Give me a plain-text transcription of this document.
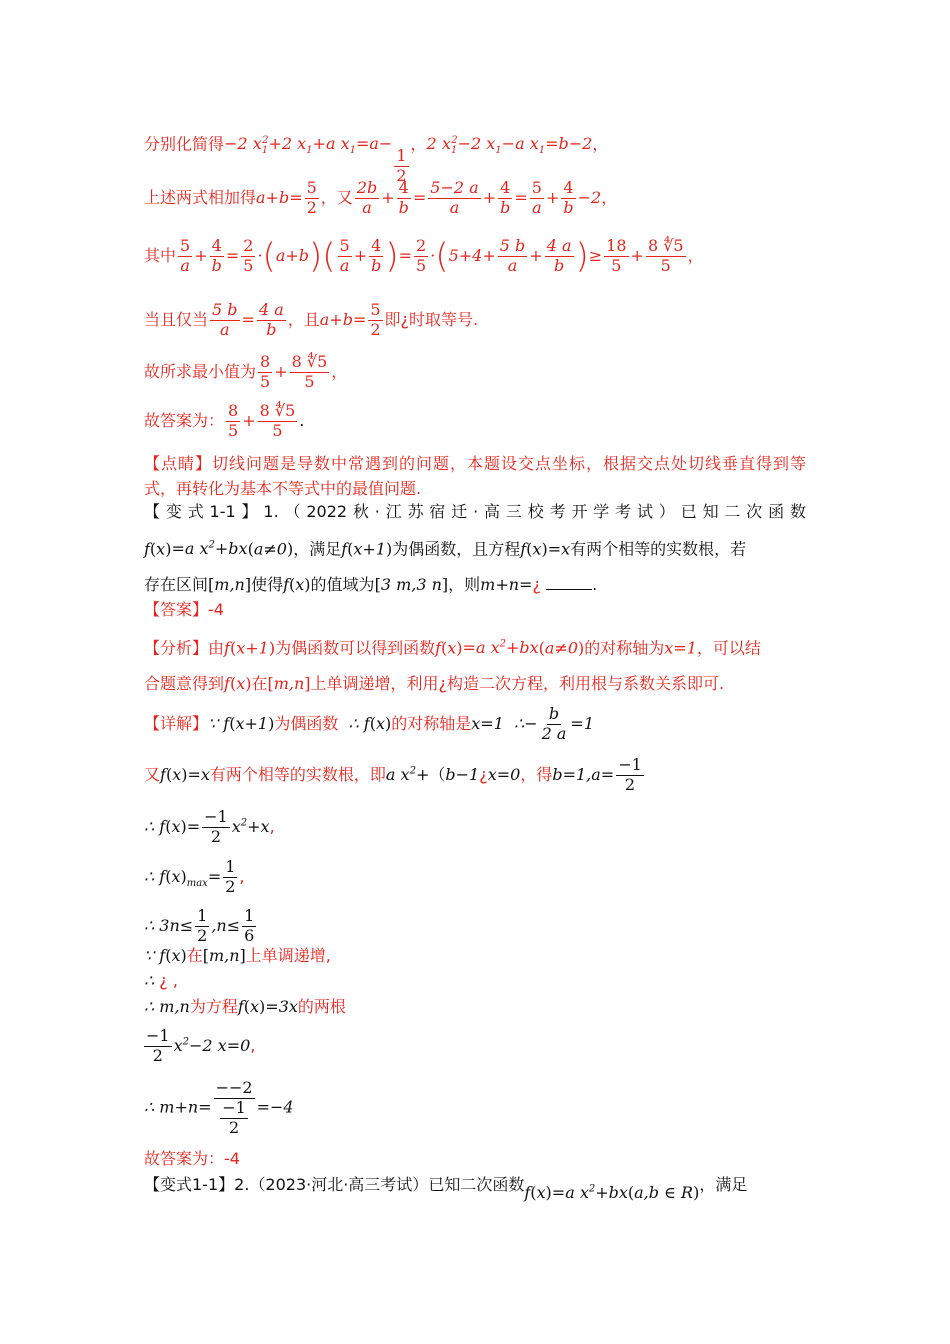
分别化简得−2 $x_1^2+2$ $x_1+a$ $x_1=a-$
$\frac{1}{2}$
，2 $x_1^2-2$ $x_1-a$ $x_1=b-2$，
上述两式相加得$a+b= \frac{5}{2}$ ，又 $\frac{2b}{a} + \frac{4}{b} = \frac{5-2 a}{a} + \frac{4}{b} = \frac{5}{a} + \frac{4}{b} -2$，
其中 $\frac{5}{a} + \frac{4}{b} = \frac{2}{5} \cdot(a+b)( \frac{5}{a} + \frac{4}{b}$ )= $\frac{2}{5} \cdot(5+4+ \frac{5 b}{a} + \frac{4 a}{b}$ )≥ $\frac{18}{5} + \frac{8 ∜5}{5}$ ，
当且仅当 $\frac{5 b}{a} = \frac{4 a}{b}$ ，且$a+b= \frac{5}{2}$ 即¿时取等号.
故所求最小值为 $\frac{8}{5} + \frac{8 ∜5}{5}$ ，
故答案为： $\frac{8}{5} + \frac{8 ∜5}{5}$ .
【点睛】切线问题是导数中常遇到的问题，本题设交点坐标，根据交点处切线垂直得到等
式，再转化为基本不等式中的最值问题.
【变式1-1】1.（2022秋·江苏宿迁·高三校考开学考试）已知二次函数
f(x)=a $x^2+bx(a\ne 0)$，满足f(x+1)为偶函数，且方程f(x)=x有两个相等的实数根，若
存在区间[m,n]使得f(x)的值域为[3 m,3 n]，则m+n=¿	.
【答案】-4
【分析】由f(x+1)为偶函数可以得到函数f(x)=a $x^2+bx(a\ne 0)$的对称轴为x=1，可以结
合题意得到f(x)在[m,n]上单调递增，利用¿构造二次方程，利用根与系数关系即可.
【详解】∵ f(x+1)为偶函数 ∴ f(x)的对称轴是x=1 ∴− $\frac{b}{2 a} =1$
又f(x)=x有两个相等的实数根，即a $x^2+(b-1¿x=0$，得$b=1,a= \frac{-1}{2}$
∴ $f(x)= \frac{-1}{2} x^2+x$,
∴ $f(x)_{max}= \frac{1}{2}$ ,
∴ $3n\le \frac{1}{2} ,n\le \frac{1}{6}$
∵ f(x)在[m,n]上单调递增,
∴ ¿ ,
∴ m,n为方程f(x)=3x的两根
$\frac{-1}{2} x^2-2$ x=0,
∴ $m+n= \frac{--2}{\frac{-1}{2}} =-4$
故答案为：-4
【变式1-1】2.（2023·河北·高三考试）已知二次函数f(x)=a $x^2+bx(a,b$ ∈ R)，满足
